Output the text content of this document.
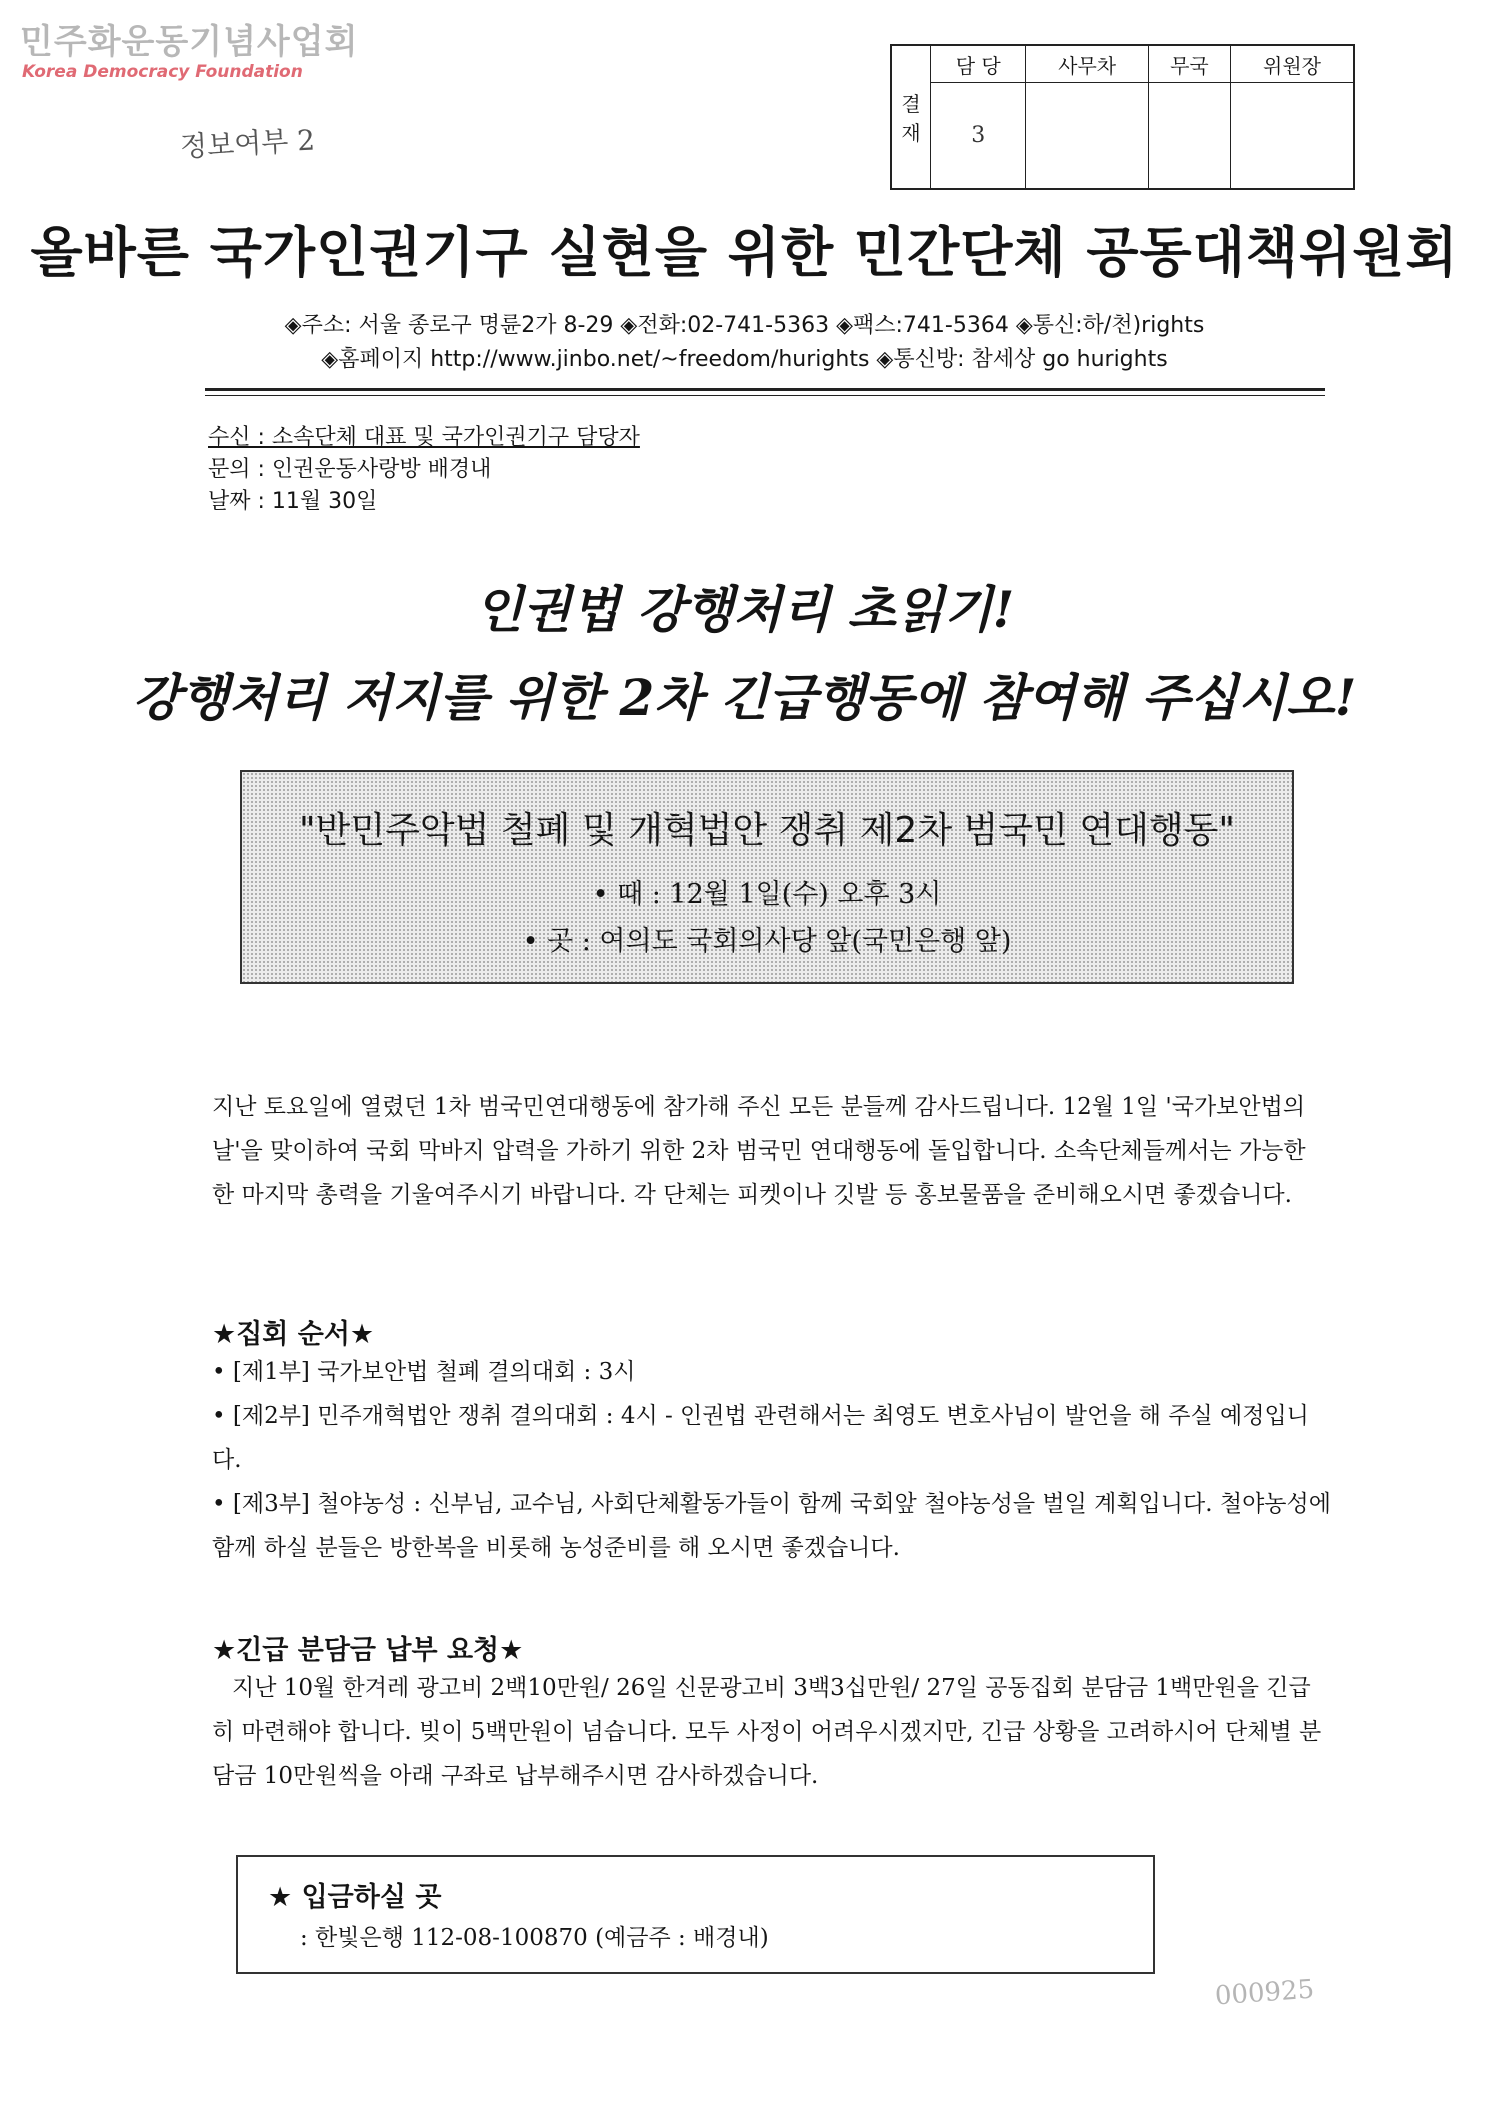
민주화운동기념사업회
Korea Democracy Foundation
정보여부 2
결재	담 당	사무차	무국	위원장
	3			
올바른 국가인권기구 실현을 위한 민간단체 공동대책위원회
◈주소: 서울 종로구 명륜2가 8-29 ◈전화:02-741-5363 ◈팩스:741-5364 ◈통신:하/천)rights
◈홈페이지 http://www.jinbo.net/~freedom/hurights ◈통신방: 참세상 go hurights
수신 : 소속단체 대표 및 국가인권기구 담당자
문의 : 인권운동사랑방 배경내
날짜 : 11월 30일
인권법 강행처리 초읽기!
강행처리 저지를 위한 2차 긴급행동에 참여해 주십시오!
"반민주악법 철폐 및 개혁법안 쟁취 제2차 범국민 연대행동"
• 때 : 12월 1일(수) 오후 3시
• 곳 : 여의도 국회의사당 앞(국민은행 앞)
지난 토요일에 열렸던 1차 범국민연대행동에 참가해 주신 모든 분들께 감사드립니다. 12월 1일 '국가보안법의 날'을 맞이하여 국회 막바지 압력을 가하기 위한 2차 범국민 연대행동에 돌입합니다. 소속단체들께서는 가능한 한 마지막 총력을 기울여주시기 바랍니다. 각 단체는 피켓이나 깃발 등 홍보물품을 준비해오시면 좋겠습니다.
★집회 순서★

• [제1부] 국가보안법 철폐 결의대회 : 3시

• [제2부] 민주개혁법안 쟁취 결의대회 : 4시 - 인권법 관련해서는 최영도 변호사님이 발언을 해 주실 예정입니다.

• [제3부] 철야농성 : 신부님, 교수님, 사회단체활동가들이 함께 국회앞 철야농성을 벌일 계획입니다. 철야농성에 함께 하실 분들은 방한복을 비롯해 농성준비를 해 오시면 좋겠습니다.

★긴급 분담금 납부 요청★
지난 10월 한겨레 광고비 2백10만원/ 26일 신문광고비 3백3십만원/ 27일 공동집회 분담금 1백만원을 긴급히 마련해야 합니다. 빚이 5백만원이 넘습니다. 모두 사정이 어려우시겠지만, 긴급 상황을 고려하시어 단체별 분담금 10만원씩을 아래 구좌로 납부해주시면 감사하겠습니다.
★ 입금하실 곳
: 한빛은행 112-08-100870 (예금주 : 배경내)
000925
